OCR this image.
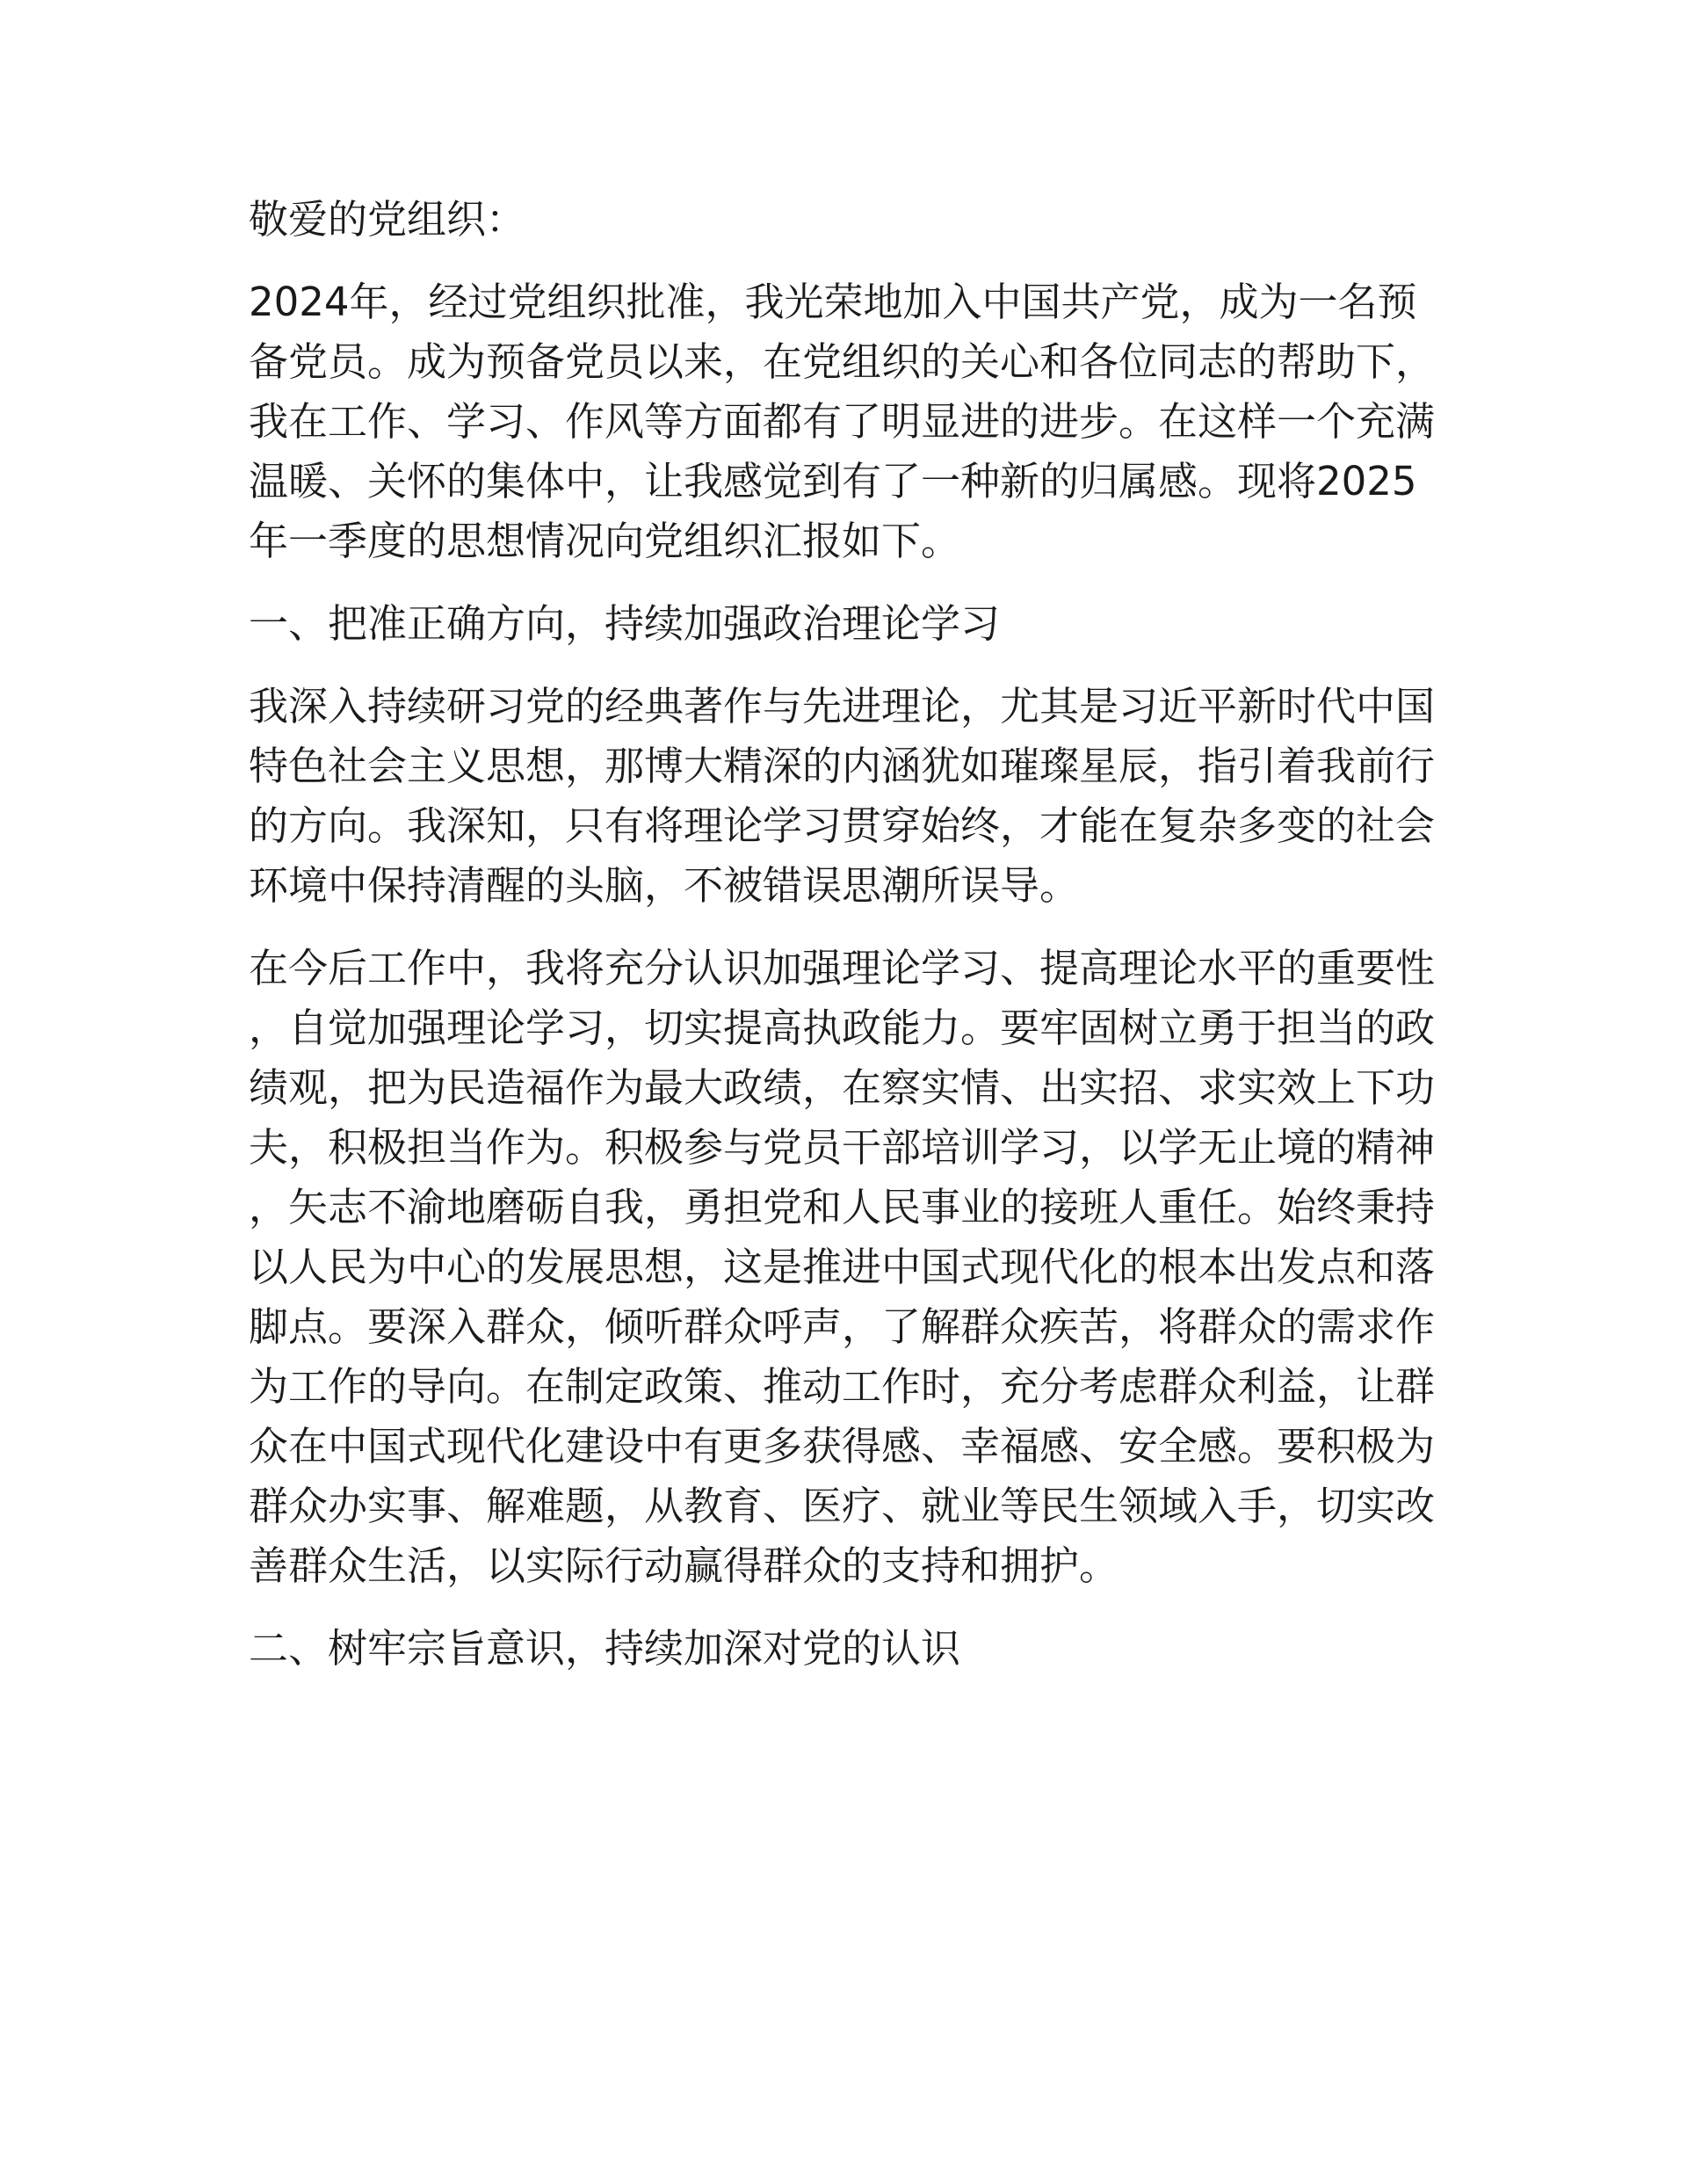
敬爱的党组织：

2024年，经过党组织批准，我光荣地加入中国共产党，成为一名预备党员。成为预备党员以来，在党组织的关心和各位同志的帮助下，我在工作、学习、作风等方面都有了明显进的进步。在这样一个充满温暖、关怀的集体中，让我感觉到有了一种新的归属感。现将2025年一季度的思想情况向党组织汇报如下。

一、把准正确方向，持续加强政治理论学习

我深入持续研习党的经典著作与先进理论，尤其是习近平新时代中国特色社会主义思想，那博大精深的内涵犹如璀璨星辰，指引着我前行的方向。我深知，只有将理论学习贯穿始终，才能在复杂多变的社会环境中保持清醒的头脑，不被错误思潮所误导。

在今后工作中，我将充分认识加强理论学习、提高理论水平的重要性，自觉加强理论学习，切实提高执政能力。要牢固树立勇于担当的政绩观，把为民造福作为最大政绩，在察实情、出实招、求实效上下功夫，积极担当作为。积极参与党员干部培训学习，以学无止境的精神，矢志不渝地磨砺自我，勇担党和人民事业的接班人重任。始终秉持以人民为中心的发展思想，这是推进中国式现代化的根本出发点和落脚点。要深入群众，倾听群众呼声，了解群众疾苦，将群众的需求作为工作的导向。在制定政策、推动工作时，充分考虑群众利益，让群众在中国式现代化建设中有更多获得感、幸福感、安全感。要积极为群众办实事、解难题，从教育、医疗、就业等民生领域入手，切实改善群众生活，以实际行动赢得群众的支持和拥护。

二、树牢宗旨意识，持续加深对党的认识
